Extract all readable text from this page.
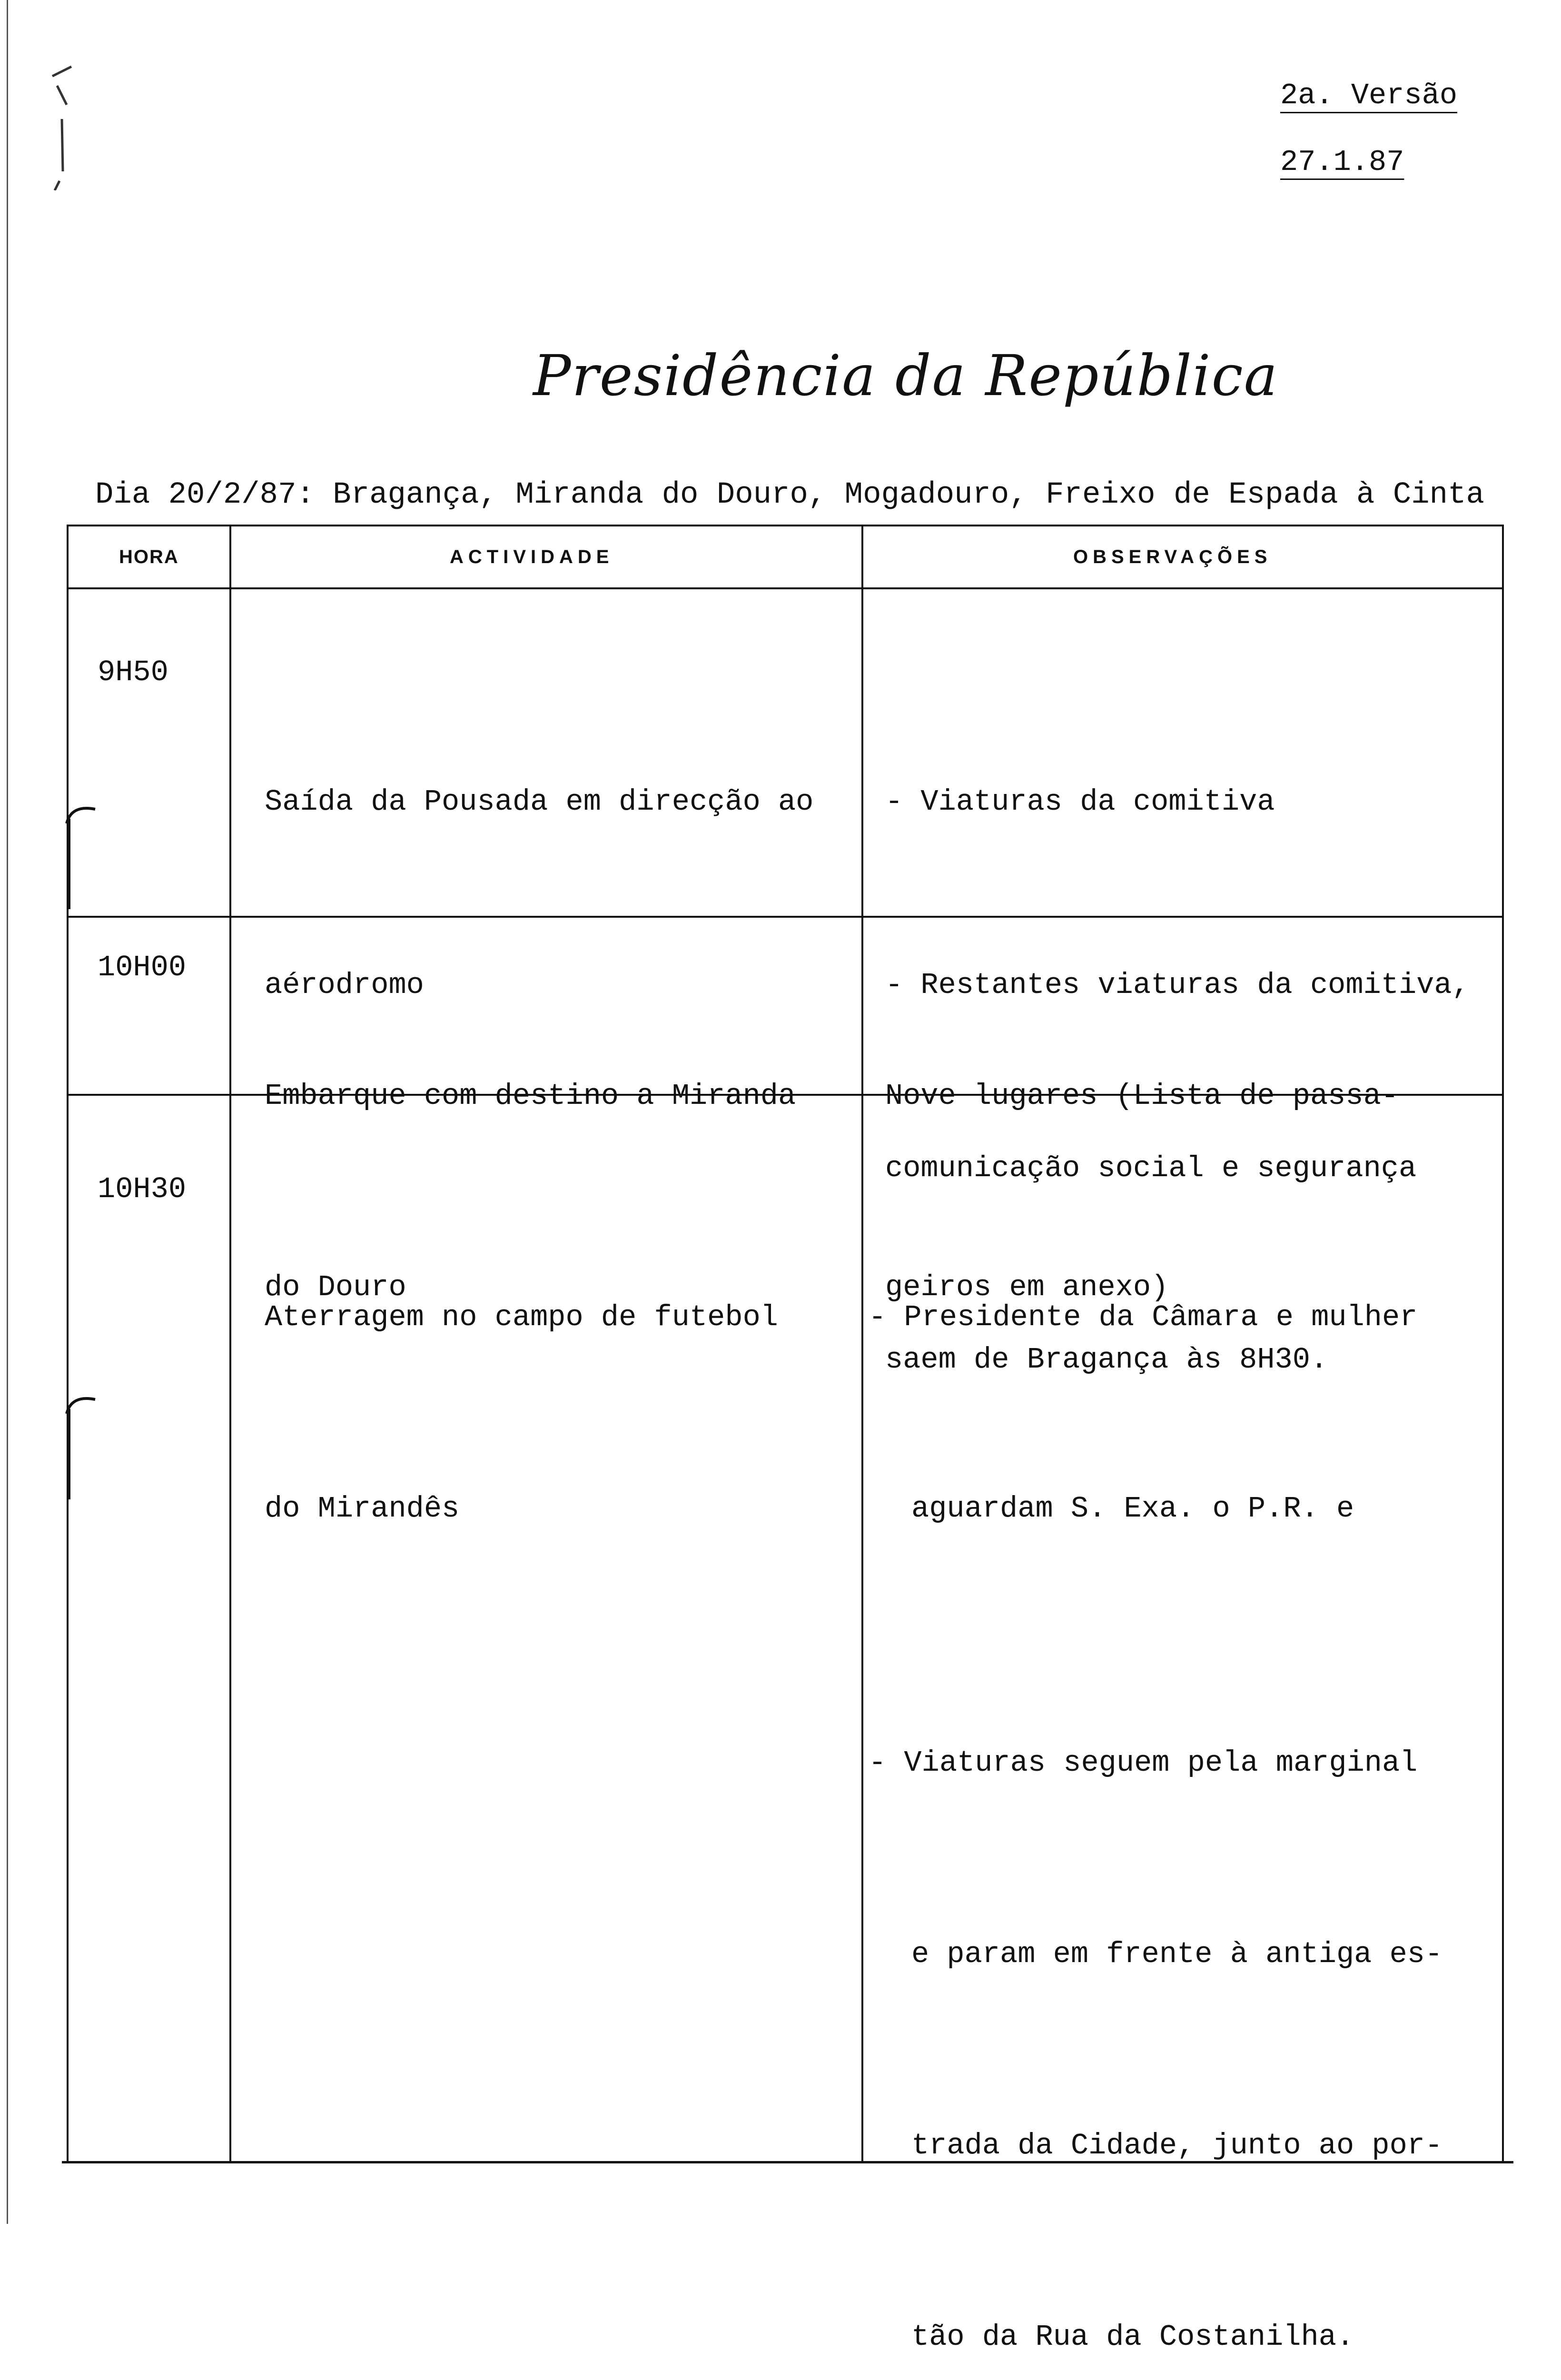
2a. Versão
27.1.87
Presidência da República
Dia 20/2/87: Bragança, Miranda do Douro, Mogadouro, Freixo de Espada à Cinta
HORA	ACTIVIDADE	OBSERVAÇÕES
9H50

Saída da Pousada em direcção ao

aérodromo

- Viaturas da comitiva

- Restantes viaturas da comitiva,

comunicação social e segurança

saem de Bragança às 8H30.

10H00

Embarque com destino a Miranda

do Douro

Nove lugares (Lista de passa-

geiros em anexo)

10H30

Aterragem no campo de futebol

do Mirandês

- Presidente da Câmara e mulher

aguardam S. Exa. o P.R. e

- Viaturas seguem pela marginal

e param em frente à antiga es-

trada da Cidade, junto ao por-

tão da Rua da Costanilha.
